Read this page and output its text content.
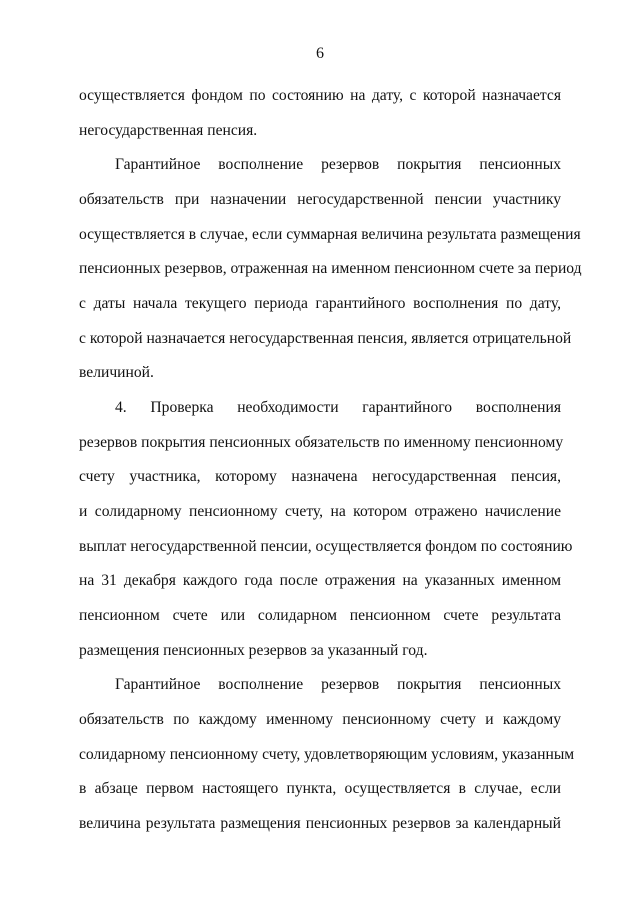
6
осуществляется фондом по состоянию на дату, с которой назначается
негосударственная пенсия.
Гарантийное восполнение резервов покрытия пенсионных
обязательств при назначении негосударственной пенсии участнику
осуществляется в случае, если суммарная величина результата размещения
пенсионных резервов, отраженная на именном пенсионном счете за период
с даты начала текущего периода гарантийного восполнения по дату,
с которой назначается негосударственная пенсия, является отрицательной
величиной.
4. Проверка необходимости гарантийного восполнения
резервов покрытия пенсионных обязательств по именному пенсионному
счету участника, которому назначена негосударственная пенсия,
и солидарному пенсионному счету, на котором отражено начисление
выплат негосударственной пенсии, осуществляется фондом по состоянию
на 31 декабря каждого года после отражения на указанных именном
пенсионном счете или солидарном пенсионном счете результата
размещения пенсионных резервов за указанный год.
Гарантийное восполнение резервов покрытия пенсионных
обязательств по каждому именному пенсионному счету и каждому
солидарному пенсионному счету, удовлетворяющим условиям, указанным
в абзаце первом настоящего пункта, осуществляется в случае, если
величина результата размещения пенсионных резервов за календарный
